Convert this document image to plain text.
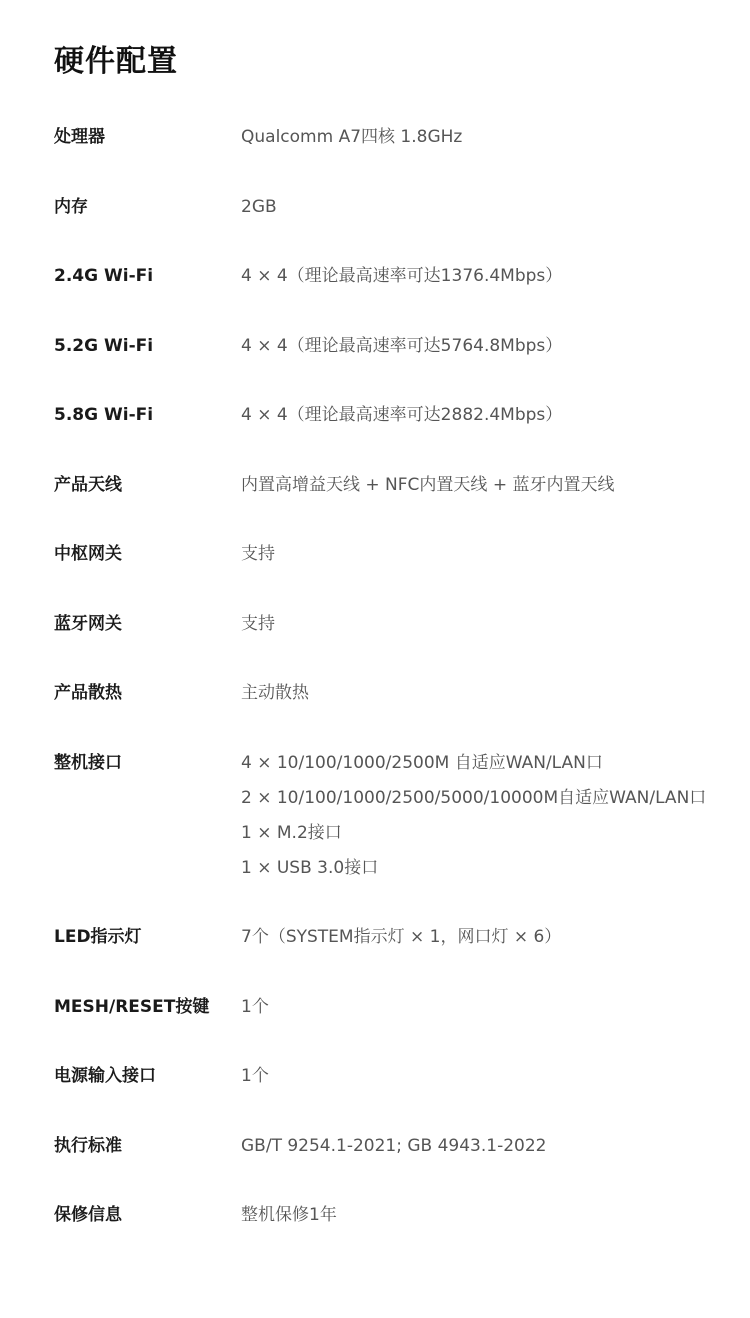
硬件配置
处理器	Qualcomm A7四核 1.8GHz
内存	2GB
2.4G Wi-Fi	4 × 4（理论最高速率可达1376.4Mbps）
5.2G Wi-Fi	4 × 4（理论最高速率可达5764.8Mbps）
5.8G Wi-Fi	4 × 4（理论最高速率可达2882.4Mbps）
产品天线	内置高增益天线 + NFC内置天线 + 蓝牙内置天线
中枢网关	支持
蓝牙网关	支持
产品散热	主动散热
整机接口	4 × 10/100/1000/2500M 自适应WAN/LAN口
2 × 10/100/1000/2500/5000/10000M自适应WAN/LAN口
1 × M.2接口
1 × USB 3.0接口
LED指示灯	7个（SYSTEM指示灯 × 1，网口灯 × 6）
MESH/RESET按键 1个
电源输入接口	1个
执行标准	GB/T 9254.1-2021; GB 4943.1-2022
保修信息	整机保修1年
